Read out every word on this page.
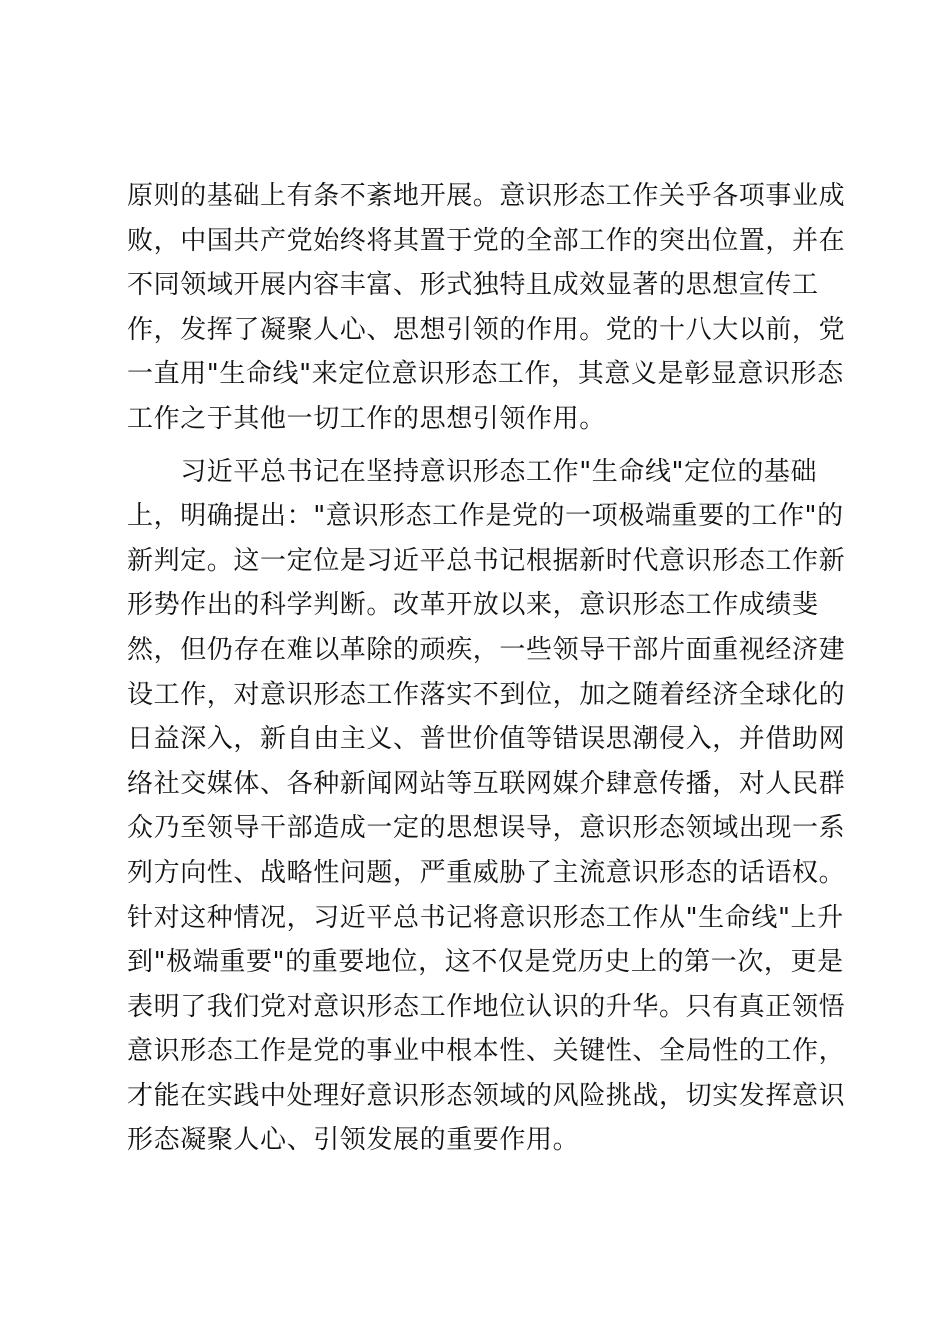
原则的基础上有条不紊地开展。意识形态工作关乎各项事业成
败，中国共产党始终将其置于党的全部工作的突出位置，并在
不同领域开展内容丰富、形式独特且成效显著的思想宣传工
作，发挥了凝聚人心、思想引领的作用。党的十八大以前，党
一直用"生命线"来定位意识形态工作，其意义是彰显意识形态
工作之于其他一切工作的思想引领作用。
　　习近平总书记在坚持意识形态工作"生命线"定位的基础
上，明确提出："意识形态工作是党的一项极端重要的工作"的
新判定。这一定位是习近平总书记根据新时代意识形态工作新
形势作出的科学判断。改革开放以来，意识形态工作成绩斐
然，但仍存在难以革除的顽疾，一些领导干部片面重视经济建
设工作，对意识形态工作落实不到位，加之随着经济全球化的
日益深入，新自由主义、普世价值等错误思潮侵入，并借助网
络社交媒体、各种新闻网站等互联网媒介肆意传播，对人民群
众乃至领导干部造成一定的思想误导，意识形态领域出现一系
列方向性、战略性问题，严重威胁了主流意识形态的话语权。
针对这种情况，习近平总书记将意识形态工作从"生命线"上升
到"极端重要"的重要地位，这不仅是党历史上的第一次，更是
表明了我们党对意识形态工作地位认识的升华。只有真正领悟
意识形态工作是党的事业中根本性、关键性、全局性的工作，
才能在实践中处理好意识形态领域的风险挑战，切实发挥意识
形态凝聚人心、引领发展的重要作用。
